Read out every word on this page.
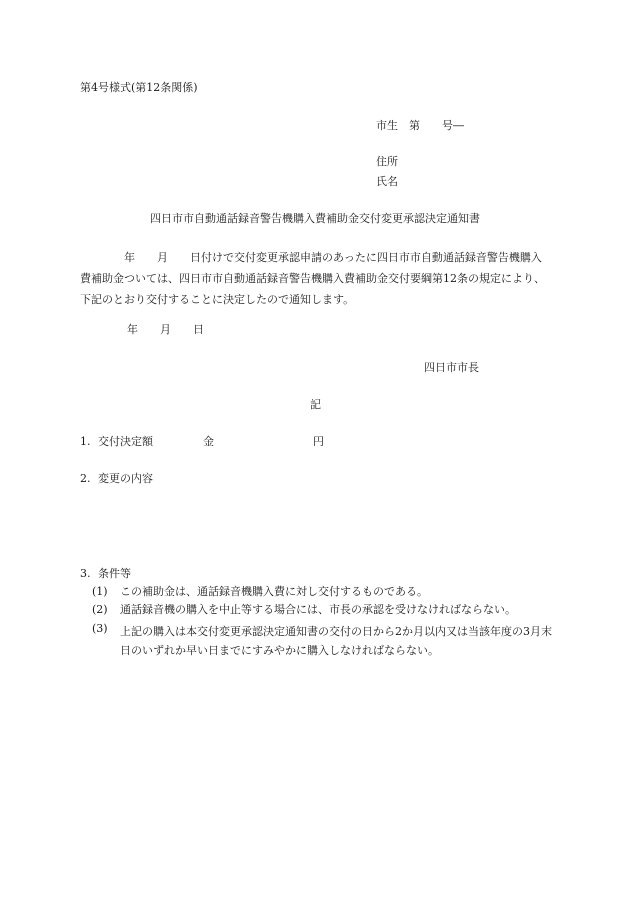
第4号様式(第12条関係)
市生　第　　号―
住所
氏名
四日市市自動通話録音警告機購入費補助金交付変更承認決定通知書
　　　　年　　月　　日付けで交付変更承認申請のあったに四日市市自動通話録音警告機購入費補助金ついては、四日市市自動通話録音警告機購入費補助金交付要綱第12条の規定により、下記のとおり交付することに決定したので通知します。
年　　月　　日
四日市市長
記
1. 交付決定額	金	円
2. 変更の内容
3. 条件等
(1) この補助金は、通話録音機購入費に対し交付するものである。
(2) 通話録音機の購入を中止等する場合には、市長の承認を受けなければならない。
(3) 上記の購入は本交付変更承認決定通知書の交付の日から2か月以内又は当該年度の3月末日のいずれか早い日までにすみやかに購入しなければならない。
